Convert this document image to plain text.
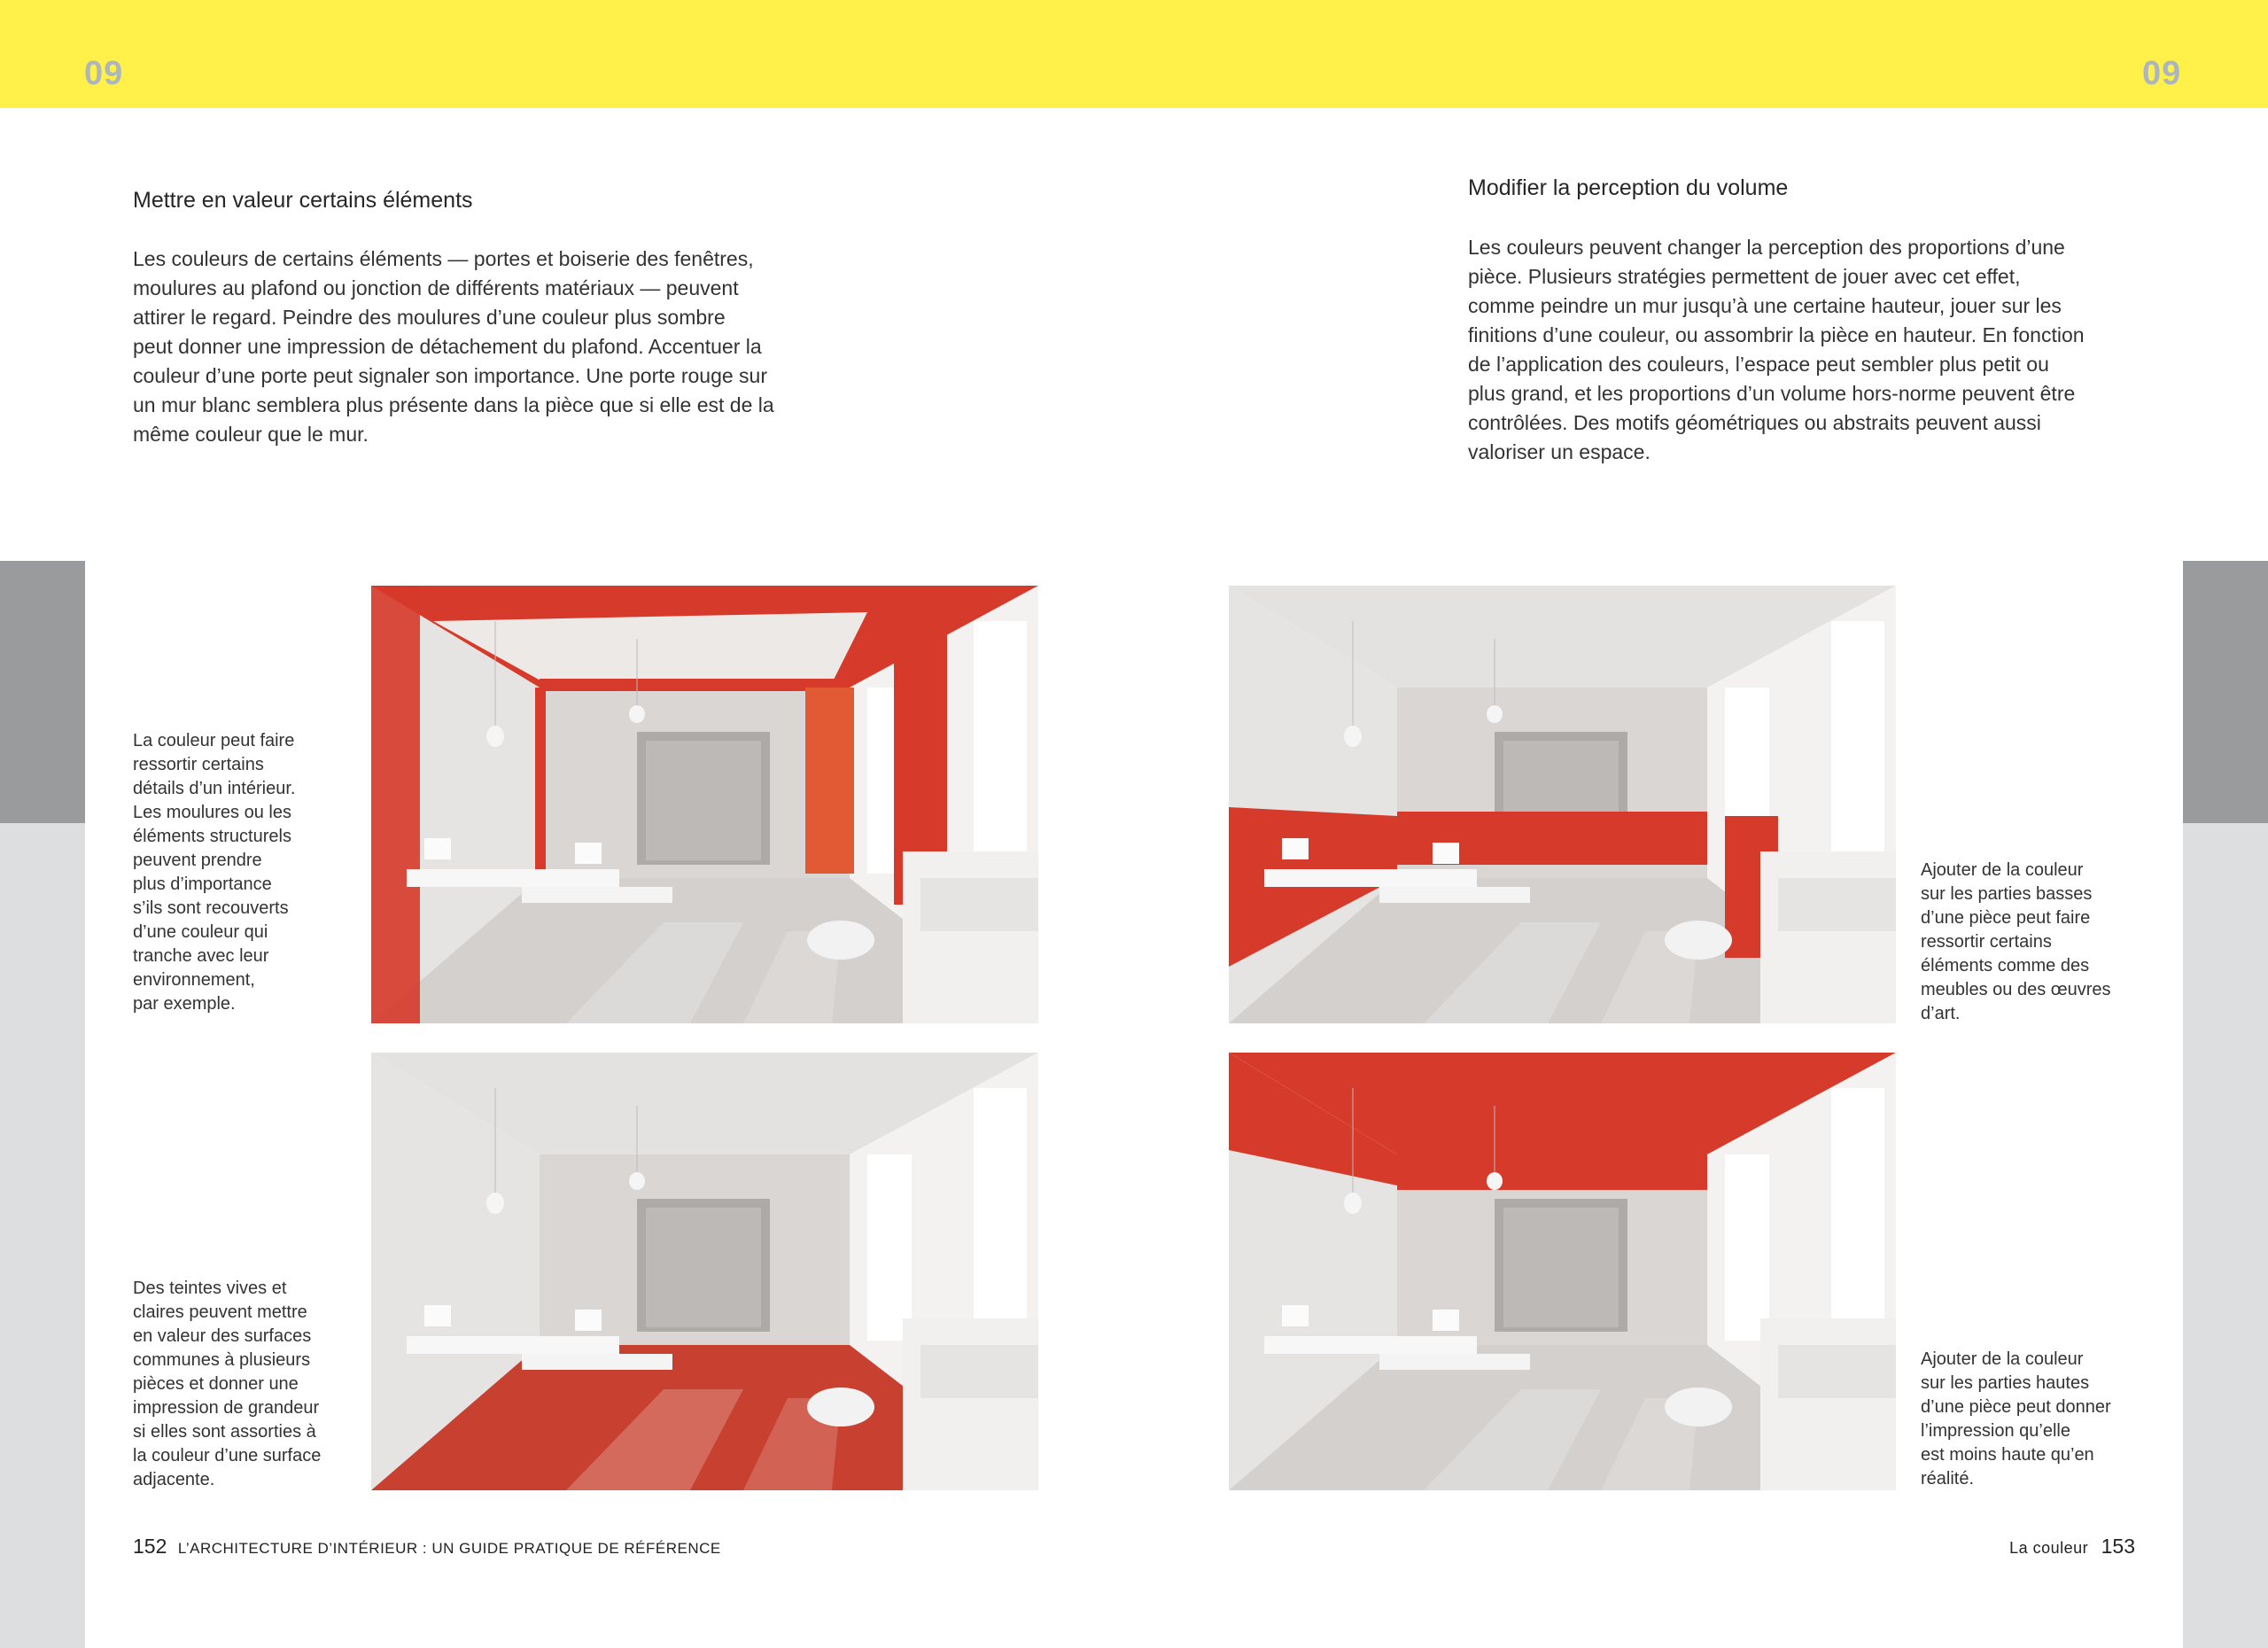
09	09
Mettre en valeur certains éléments
Les couleurs de certains éléments — portes et boiserie des fenêtres,
moulures au plafond ou jonction de différents matériaux — peuvent
attirer le regard. Peindre des moulures d’une couleur plus sombre
peut donner une impression de détachement du plafond. Accentuer la
couleur d’une porte peut signaler son importance. Une porte rouge sur
un mur blanc semblera plus présente dans la pièce que si elle est de la
même couleur que le mur.
Modifier la perception du volume
Les couleurs peuvent changer la perception des proportions d’une
pièce. Plusieurs stratégies permettent de jouer avec cet effet,
comme peindre un mur jusqu’à une certaine hauteur, jouer sur les
finitions d’une couleur, ou assombrir la pièce en hauteur. En fonction
de l’application des couleurs, l’espace peut sembler plus petit ou
plus grand, et les proportions d’un volume hors-norme peuvent être
contrôlées. Des motifs géométriques ou abstraits peuvent aussi
valoriser un espace.
La couleur peut faire
ressortir certains
détails d’un intérieur.
Les moulures ou les
éléments structurels
peuvent prendre
plus d’importance
s’ils sont recouverts
d’une couleur qui
tranche avec leur
environnement,
par exemple.
Des teintes vives et
claires peuvent mettre
en valeur des surfaces
communes à plusieurs
pièces et donner une
impression de grandeur
si elles sont assorties à
la couleur d’une surface
adjacente.
Ajouter de la couleur
sur les parties basses
d’une pièce peut faire
ressortir certains
éléments comme des
meubles ou des œuvres
d’art.
Ajouter de la couleur
sur les parties hautes
d’une pièce peut donner
l’impression qu’elle
est moins haute qu’en
réalité.
152 L’ARCHITECTURE D’INTÉRIEUR : UN GUIDE PRATIQUE DE RÉFÉRENCE	La couleur 153
